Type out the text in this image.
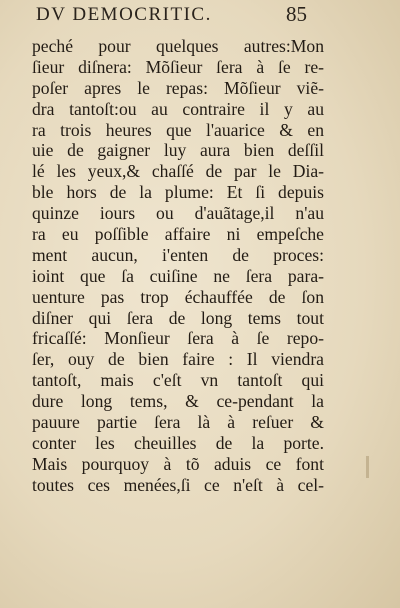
DV DEMOCRITIC.	85
peché pour quelques autres:Mon
ſieur diſnera: Mõſieur ſera à ſe re-
poſer apres le repas: Mõſieur viẽ-
dra tantoſt:ou au contraire il y au
ra trois heures que l'auarice & en
uie de gaigner luy aura bien deſſil
lé les yeux,& chaſſé de par le Dia-
ble hors de la plume: Et ſi depuis
quinze iours ou d'auãtage,il n'au
ra eu poſſible affaire ni empeſche
ment aucun, i'enten de proces:
ioint que ſa cuiſine ne ſera para-
uenture pas trop échauffée de ſon
diſner qui ſera de long tems tout
fricaſſé: Monſieur ſera à ſe repo-
ſer, ouy de bien faire : Il viendra
tantoſt, mais c'eſt vn tantoſt qui
dure long tems, & ce-pendant la
pauure partie ſera là à reſuer &
conter les cheuilles de la porte.
Mais pourquoy à tõ aduis ce font
toutes ces menées,ſi ce n'eſt à cel-
